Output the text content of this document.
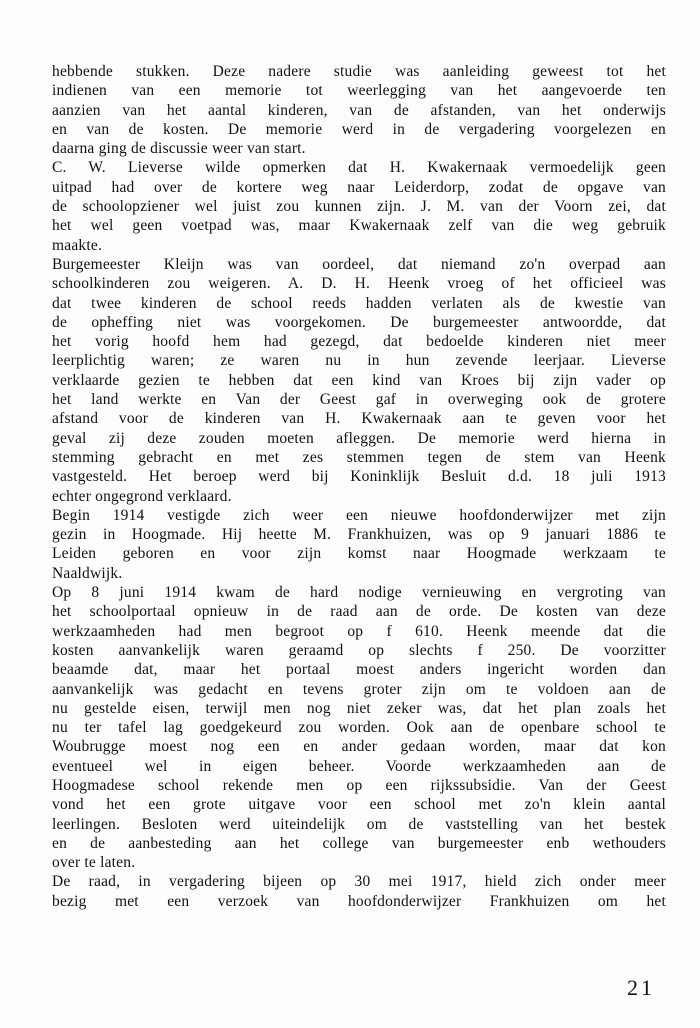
hebbende stukken. Deze nadere studie was aanleiding geweest tot het
indienen van een memorie tot weerlegging van het aangevoerde ten
aanzien van het aantal kinderen, van de afstanden, van het onderwijs
en van de kosten. De memorie werd in de vergadering voorgelezen en
daarna ging de discussie weer van start.
C. W. Lieverse wilde opmerken dat H. Kwakernaak vermoedelijk geen
uitpad had over de kortere weg naar Leiderdorp, zodat de opgave van
de schoolopziener wel juist zou kunnen zijn. J. M. van der Voorn zei, dat
het wel geen voetpad was, maar Kwakernaak zelf van die weg gebruik
maakte.
Burgemeester Kleijn was van oordeel, dat niemand zo'n overpad aan
schoolkinderen zou weigeren. A. D. H. Heenk vroeg of het officieel was
dat twee kinderen de school reeds hadden verlaten als de kwestie van
de opheffing niet was voorgekomen. De burgemeester antwoordde, dat
het vorig hoofd hem had gezegd, dat bedoelde kinderen niet meer
leerplichtig waren; ze waren nu in hun zevende leerjaar. Lieverse
verklaarde gezien te hebben dat een kind van Kroes bij zijn vader op
het land werkte en Van der Geest gaf in overweging ook de grotere
afstand voor de kinderen van H. Kwakernaak aan te geven voor het
geval zij deze zouden moeten afleggen. De memorie werd hierna in
stemming gebracht en met zes stemmen tegen de stem van Heenk
vastgesteld. Het beroep werd bij Koninklijk Besluit d.d. 18 juli 1913
echter ongegrond verklaard.
Begin 1914 vestigde zich weer een nieuwe hoofdonderwijzer met zijn
gezin in Hoogmade. Hij heette M. Frankhuizen, was op 9 januari 1886 te
Leiden geboren en voor zijn komst naar Hoogmade werkzaam te
Naaldwijk.
Op 8 juni 1914 kwam de hard nodige vernieuwing en vergroting van
het schoolportaal opnieuw in de raad aan de orde. De kosten van deze
werkzaamheden had men begroot op f 610. Heenk meende dat die
kosten aanvankelijk waren geraamd op slechts f 250. De voorzitter
beaamde dat, maar het portaal moest anders ingericht worden dan
aanvankelijk was gedacht en tevens groter zijn om te voldoen aan de
nu gestelde eisen, terwijl men nog niet zeker was, dat het plan zoals het
nu ter tafel lag goedgekeurd zou worden. Ook aan de openbare school te
Woubrugge moest nog een en ander gedaan worden, maar dat kon
eventueel wel in eigen beheer. Voorde werkzaamheden aan de
Hoogmadese school rekende men op een rijkssubsidie. Van der Geest
vond het een grote uitgave voor een school met zo'n klein aantal
leerlingen. Besloten werd uiteindelijk om de vaststelling van het bestek
en de aanbesteding aan het college van burgemeester enb wethouders
over te laten.
De raad, in vergadering bijeen op 30 mei 1917, hield zich onder meer
bezig met een verzoek van hoofdonderwijzer Frankhuizen om het
21
